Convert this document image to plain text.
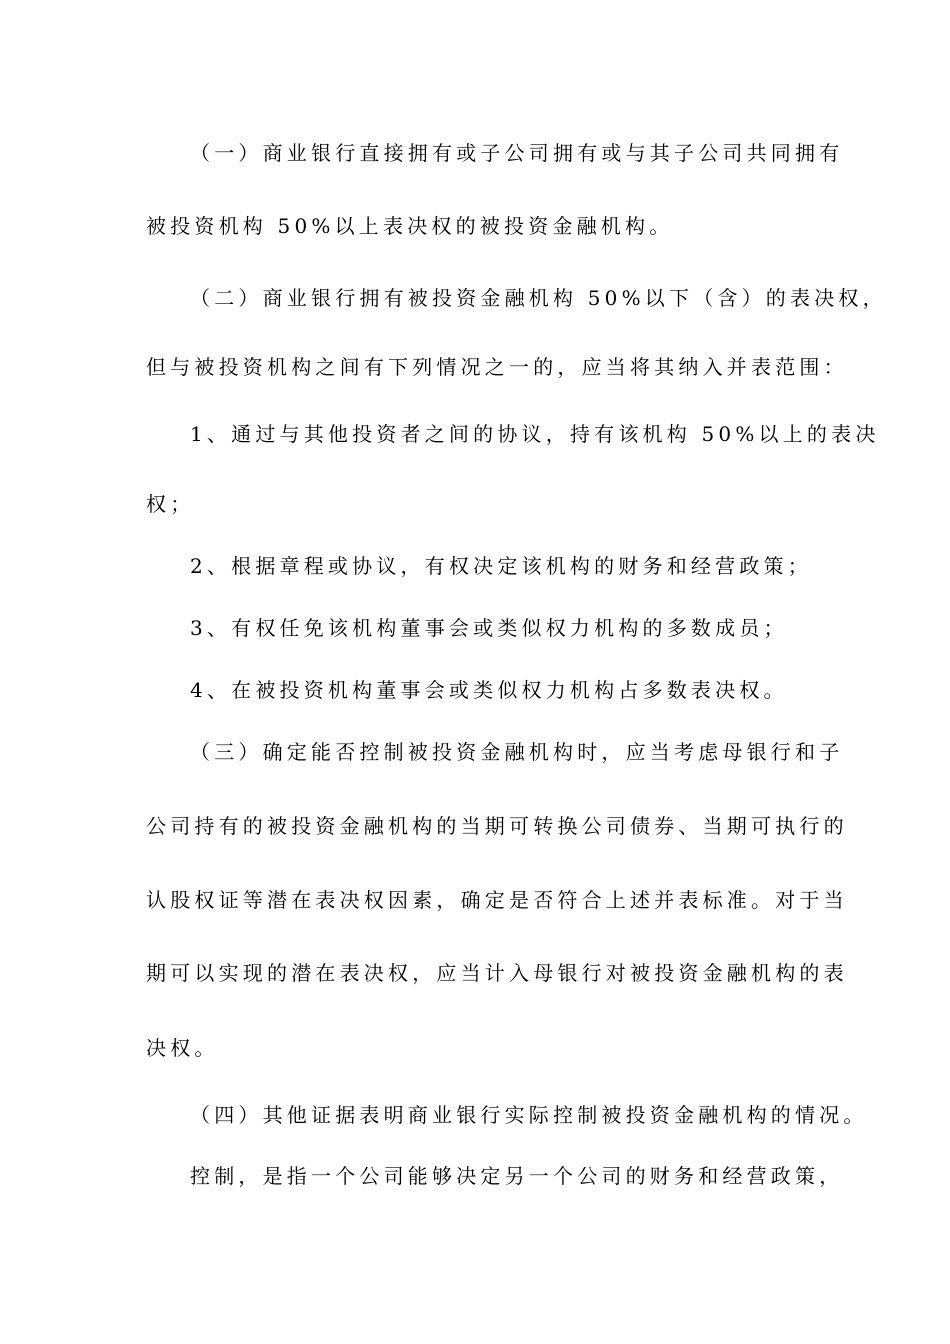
（一）商业银行直接拥有或子公司拥有或与其子公司共同拥有
被投资机构 50%以上表决权的被投资金融机构。
（二）商业银行拥有被投资金融机构 50%以下（含）的表决权，
但与被投资机构之间有下列情况之一的，应当将其纳入并表范围：
1、通过与其他投资者之间的协议，持有该机构 50%以上的表决
权；
2、根据章程或协议，有权决定该机构的财务和经营政策；
3、有权任免该机构董事会或类似权力机构的多数成员；
4、在被投资机构董事会或类似权力机构占多数表决权。
（三）确定能否控制被投资金融机构时，应当考虑母银行和子
公司持有的被投资金融机构的当期可转换公司债券、当期可执行的
认股权证等潜在表决权因素，确定是否符合上述并表标准。对于当
期可以实现的潜在表决权，应当计入母银行对被投资金融机构的表
决权。
（四）其他证据表明商业银行实际控制被投资金融机构的情况。
控制，是指一个公司能够决定另一个公司的财务和经营政策，
